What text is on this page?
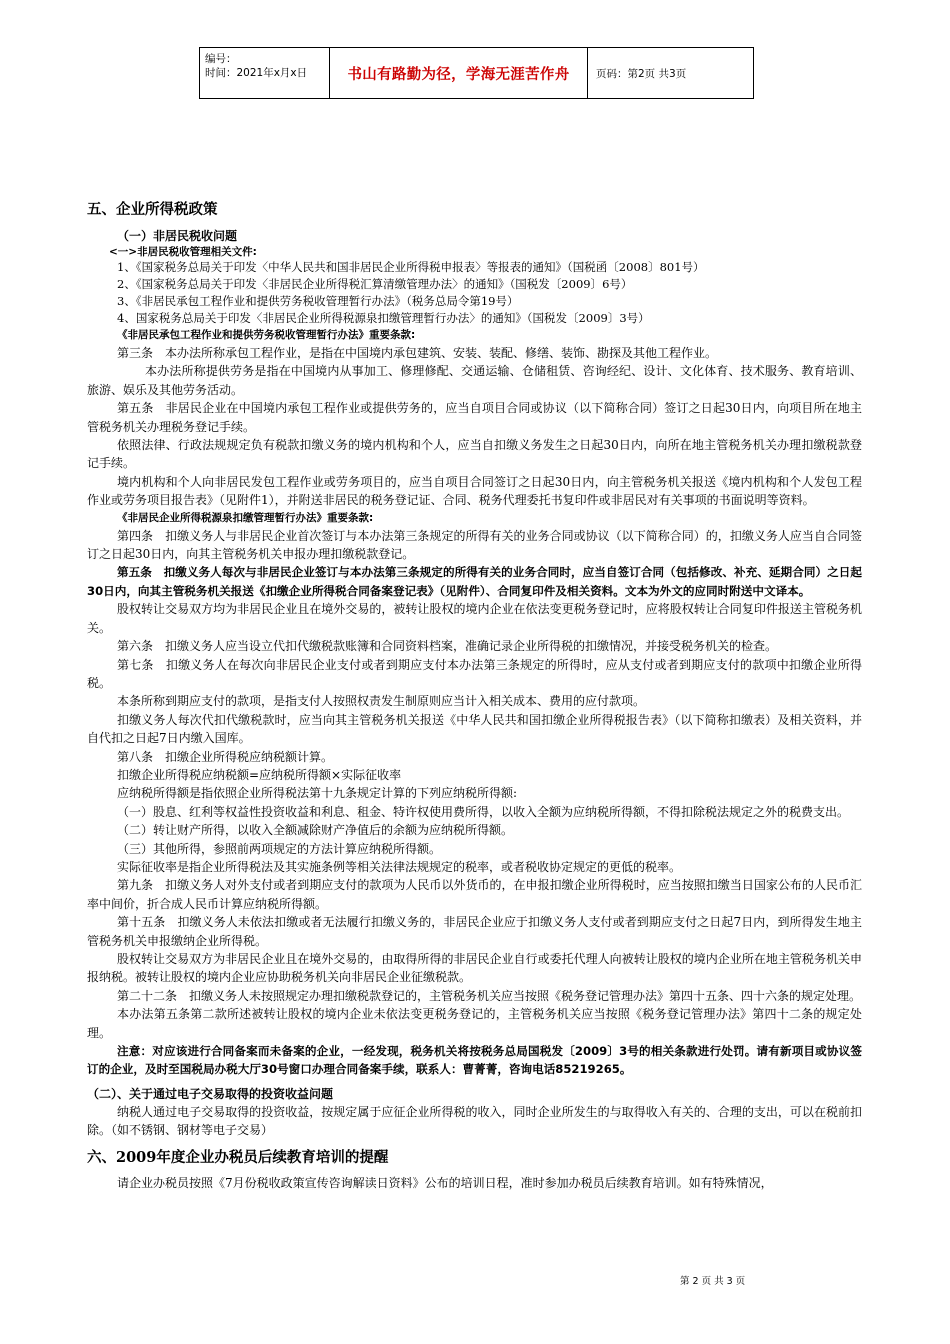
编号：
时间：2021年x月x日	书山有路勤为径，学海无涯苦作舟	页码：第2页 共3页
五、企业所得税政策
（一）非居民税收问题
<一>非居民税收管理相关文件:
1、《国家税务总局关于印发〈中华人民共和国非居民企业所得税申报表〉等报表的通知》（国税函〔2008〕801号）
2、《国家税务总局关于印发〈非居民企业所得税汇算清缴管理办法〉的通知》（国税发〔2009〕6号）
3、《非居民承包工程作业和提供劳务税收管理暂行办法》（税务总局令第19号）
4、国家税务总局关于印发〈非居民企业所得税源泉扣缴管理暂行办法〉的通知》（国税发〔2009〕3号）
《非居民承包工程作业和提供劳务税收管理暂行办法》重要条款:

第三条　本办法所称承包工程作业，是指在中国境内承包建筑、安装、装配、修缮、装饰、勘探及其他工程作业。

本办法所称提供劳务是指在中国境内从事加工、修理修配、交通运输、仓储租赁、咨询经纪、设计、文化体育、技术服务、教育培训、旅游、娱乐及其他劳务活动。

第五条　非居民企业在中国境内承包工程作业或提供劳务的，应当自项目合同或协议（以下简称合同）签订之日起30日内，向项目所在地主管税务机关办理税务登记手续。

依照法律、行政法规规定负有税款扣缴义务的境内机构和个人，应当自扣缴义务发生之日起30日内，向所在地主管税务机关办理扣缴税款登记手续。

境内机构和个人向非居民发包工程作业或劳务项目的，应当自项目合同签订之日起30日内，向主管税务机关报送《境内机构和个人发包工程作业或劳务项目报告表》（见附件1），并附送非居民的税务登记证、合同、税务代理委托书复印件或非居民对有关事项的书面说明等资料。

《非居民企业所得税源泉扣缴管理暂行办法》重要条款:

第四条　扣缴义务人与非居民企业首次签订与本办法第三条规定的所得有关的业务合同或协议（以下简称合同）的，扣缴义务人应当自合同签订之日起30日内，向其主管税务机关申报办理扣缴税款登记。

第五条　扣缴义务人每次与非居民企业签订与本办法第三条规定的所得有关的业务合同时，应当自签订合同（包括修改、补充、延期合同）之日起30日内，向其主管税务机关报送《扣缴企业所得税合同备案登记表》（见附件）、合同复印件及相关资料。文本为外文的应同时附送中文译本。

股权转让交易双方均为非居民企业且在境外交易的，被转让股权的境内企业在依法变更税务登记时，应将股权转让合同复印件报送主管税务机关。

第六条　扣缴义务人应当设立代扣代缴税款账簿和合同资料档案，准确记录企业所得税的扣缴情况，并接受税务机关的检查。

第七条　扣缴义务人在每次向非居民企业支付或者到期应支付本办法第三条规定的所得时，应从支付或者到期应支付的款项中扣缴企业所得税。

本条所称到期应支付的款项，是指支付人按照权责发生制原则应当计入相关成本、费用的应付款项。

扣缴义务人每次代扣代缴税款时，应当向其主管税务机关报送《中华人民共和国扣缴企业所得税报告表》（以下简称扣缴表）及相关资料，并自代扣之日起7日内缴入国库。

第八条　扣缴企业所得税应纳税额计算。

扣缴企业所得税应纳税额=应纳税所得额×实际征收率

应纳税所得额是指依照企业所得税法第十九条规定计算的下列应纳税所得额:

（一）股息、红利等权益性投资收益和利息、租金、特许权使用费所得，以收入全额为应纳税所得额，不得扣除税法规定之外的税费支出。

（二）转让财产所得，以收入全额减除财产净值后的余额为应纳税所得额。

（三）其他所得，参照前两项规定的方法计算应纳税所得额。

实际征收率是指企业所得税法及其实施条例等相关法律法规规定的税率，或者税收协定规定的更低的税率。

第九条　扣缴义务人对外支付或者到期应支付的款项为人民币以外货币的，在申报扣缴企业所得税时，应当按照扣缴当日国家公布的人民币汇率中间价，折合成人民币计算应纳税所得额。

第十五条　扣缴义务人未依法扣缴或者无法履行扣缴义务的，非居民企业应于扣缴义务人支付或者到期应支付之日起7日内，到所得发生地主管税务机关申报缴纳企业所得税。

股权转让交易双方为非居民企业且在境外交易的，由取得所得的非居民企业自行或委托代理人向被转让股权的境内企业所在地主管税务机关申报纳税。被转让股权的境内企业应协助税务机关向非居民企业征缴税款。

第二十二条　扣缴义务人未按照规定办理扣缴税款登记的，主管税务机关应当按照《税务登记管理办法》第四十五条、四十六条的规定处理。

本办法第五条第二款所述被转让股权的境内企业未依法变更税务登记的，主管税务机关应当按照《税务登记管理办法》第四十二条的规定处理。

注意：对应该进行合同备案而未备案的企业，一经发现，税务机关将按税务总局国税发〔2009〕3号的相关条款进行处罚。请有新项目或协议签订的企业，及时至国税局办税大厅30号窗口办理合同备案手续，联系人：曹菁菁，咨询电话85219265。

（二）、关于通过电子交易取得的投资收益问题

纳税人通过电子交易取得的投资收益，按规定属于应征企业所得税的收入，同时企业所发生的与取得收入有关的、合理的支出，可以在税前扣除。（如不锈钢、钢材等电子交易）

六、2009年度企业办税员后续教育培训的提醒

请企业办税员按照《7月份税收政策宣传咨询解读日资料》公布的培训日程，准时参加办税员后续教育培训。如有特殊情况，

第 2 页 共 3 页
